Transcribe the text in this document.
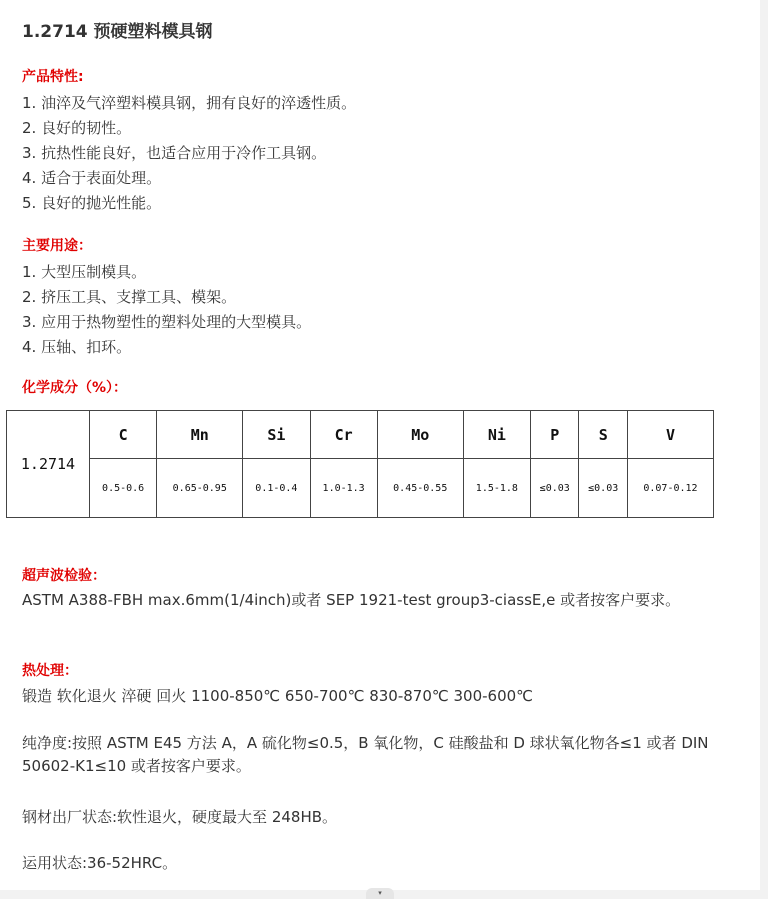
1.2714 预硬塑料模具钢
产品特性:
1. 油淬及气淬塑料模具钢，拥有良好的淬透性质。
2. 良好的韧性。
3. 抗热性能良好，也适合应用于冷作工具钢。
4. 适合于表面处理。
5. 良好的抛光性能。
主要用途：
1. 大型压制模具。
2. 挤压工具、支撑工具、模架。
3. 应用于热物塑性的塑料处理的大型模具。
4. 压轴、扣环。
化学成分（%）：
1.2714	C	Mn	Si	Cr	Mo	Ni	P	S	V
	0.5-0.6	0.65-0.95	0.1-0.4	1.0-1.3	0.45-0.55	1.5-1.8	≤0.03	≤0.03	0.07-0.12
超声波检验：
ASTM A388-FBH max.6mm(1/4inch)或者 SEP 1921-test group3-ciassE,e 或者按客户要求。
热处理：
锻造 软化退火 淬硬 回火 1100-850℃ 650-700℃ 830-870℃ 300-600℃
纯净度:按照 ASTM E45 方法 A，A 硫化物≤0.5，B 氧化物，C 硅酸盐和 D 球状氧化物各≤1 或者 DIN 50602-K1≤10 或者按客户要求。
钢材出厂状态:软性退火，硬度最大至 248HB。
运用状态:36-52HRC。
▾
